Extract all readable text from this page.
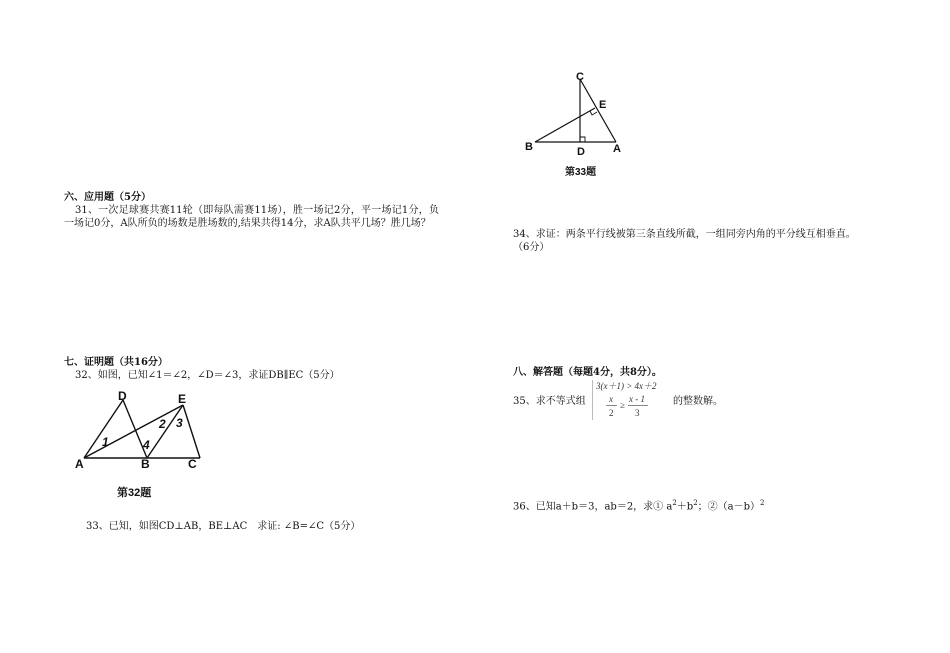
六、应用题（5分）
31、一次足球赛共赛11轮（即每队需赛11场），胜一场记2分，平一场记1分，负一场记0分，A队所负的场数是胜场数的,结果共得14分，求A队共平几场？胜几场？
七、证明题（共16分）
32、如图，已知∠1＝∠2，∠D＝∠3，求证DB∥EC（5分）
A	B	C
D	E
1
2 3
4
第32题
33、已知，如图CD⊥AB，BE⊥AC　求证: ∠B=∠C（5分）
C
E
B	D	A
第33题
34、求证：两条平行线被第三条直线所截，一组同旁内角的平分线互相垂直。
（6分）
八、解答题（每题4分，共8分）。
35、求不等式组
3(x＋1) > 4x＋2
x
2
≥
x - 1
3
的整数解。
36、已知a＋b＝3，ab＝2，求① $a^2+b^2$；$②(a-b)^2$
